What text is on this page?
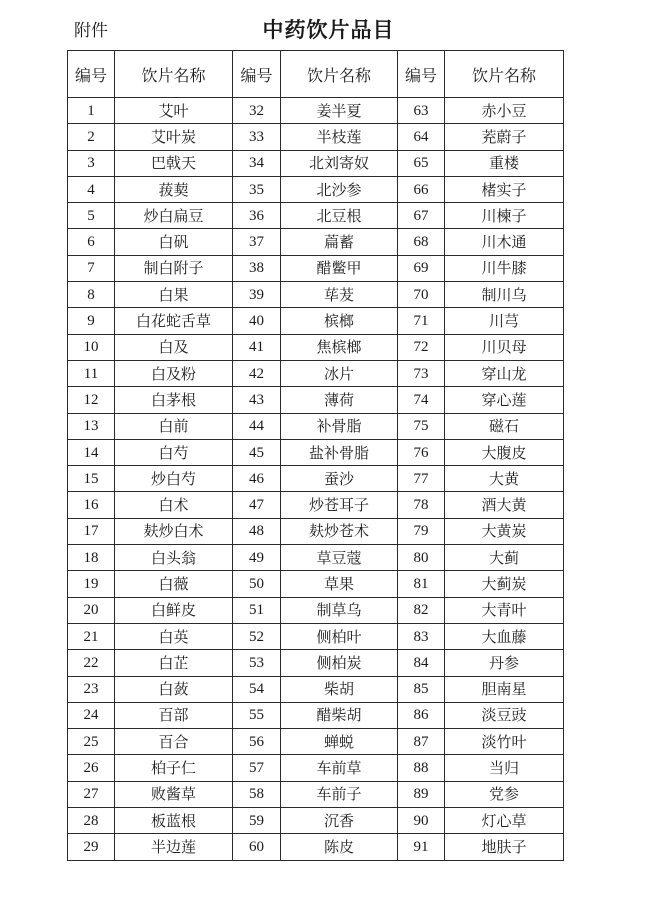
附件	中药饮片品目
编号	饮片名称	编号	饮片名称	编号	饮片名称
1	艾叶	32	姜半夏	63	赤小豆
2	艾叶炭	33	半枝莲	64	茺蔚子
3	巴戟天	34	北刘寄奴	65	重楼
4	菝葜	35	北沙参	66	楮实子
5	炒白扁豆	36	北豆根	67	川楝子
6	白矾	37	萹蓄	68	川木通
7	制白附子	38	醋鳖甲	69	川牛膝
8	白果	39	荜茇	70	制川乌
9	白花蛇舌草	40	槟榔	71	川芎
10	白及	41	焦槟榔	72	川贝母
11	白及粉	42	冰片	73	穿山龙
12	白茅根	43	薄荷	74	穿心莲
13	白前	44	补骨脂	75	磁石
14	白芍	45	盐补骨脂	76	大腹皮
15	炒白芍	46	蚕沙	77	大黄
16	白术	47	炒苍耳子	78	酒大黄
17	麸炒白术	48	麸炒苍术	79	大黄炭
18	白头翁	49	草豆蔻	80	大蓟
19	白薇	50	草果	81	大蓟炭
20	白鲜皮	51	制草乌	82	大青叶
21	白英	52	侧柏叶	83	大血藤
22	白芷	53	侧柏炭	84	丹参
23	白蔹	54	柴胡	85	胆南星
24	百部	55	醋柴胡	86	淡豆豉
25	百合	56	蝉蜕	87	淡竹叶
26	柏子仁	57	车前草	88	当归
27	败酱草	58	车前子	89	党参
28	板蓝根	59	沉香	90	灯心草
29	半边莲	60	陈皮	91	地肤子
